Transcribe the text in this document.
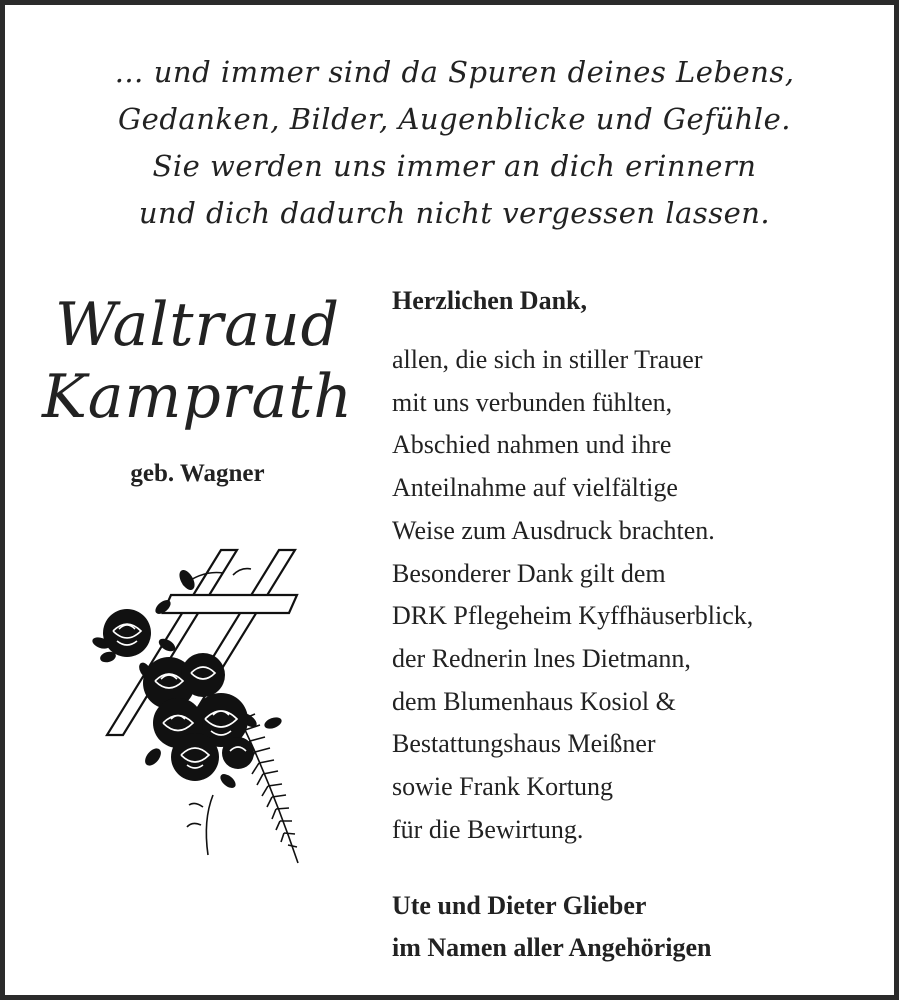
… und immer sind da Spuren deines Lebens,
Gedanken, Bilder, Augenblicke und Gefühle.
Sie werden uns immer an dich erinnern
und dich dadurch nicht vergessen lassen.
Waltraud
Kamprath
geb. Wagner
Herzlichen Dank,
allen, die sich in stiller Trauer
mit uns verbunden fühlten,
Abschied nahmen und ihre
Anteilnahme auf vielfältige
Weise zum Ausdruck brachten.
Besonderer Dank gilt dem
DRK Pflegeheim Kyffhäuserblick,
der Rednerin lnes Dietmann,
dem Blumenhaus Kosiol &
Bestattungshaus Meißner
sowie Frank Kortung
für die Bewirtung.
Ute und Dieter Glieber
im Namen aller Angehörigen
